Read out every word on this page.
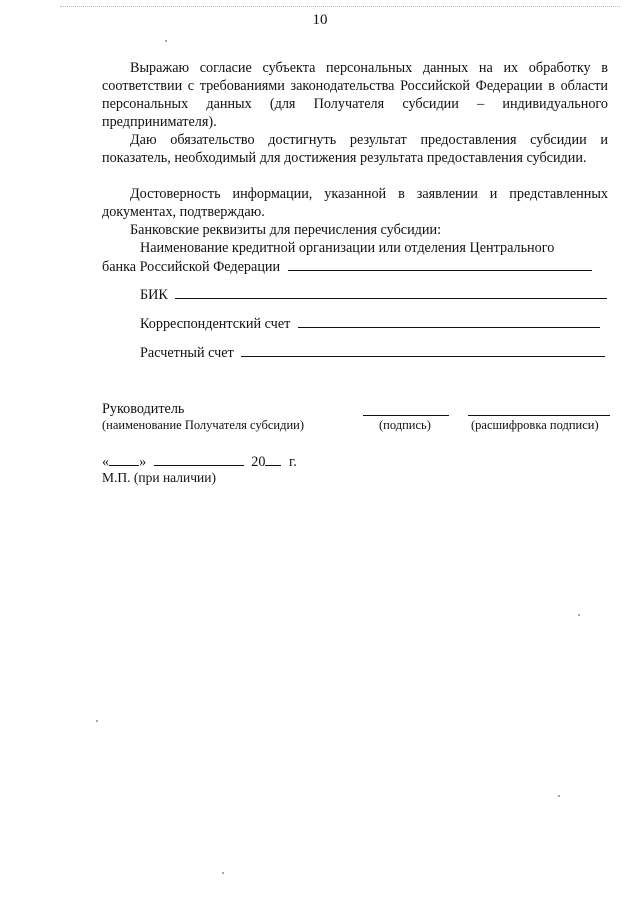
10

Выражаю согласие субъекта персональных данных на их обработку в соответствии с требованиями законодательства Российской Федерации в области персональных данных (для Получателя субсидии – индивидуального предпринимателя).

Даю обязательство достигнуть результат предоставления субсидии и показатель, необходимый для достижения результата предоставления субсидии.

Достоверность информации, указанной в заявлении и представленных документах, подтверждаю.

Банковские реквизиты для перечисления субсидии:

Наименование кредитной организации или отделения Центрального
банка Российской Федерации
БИК
Корреспондентский счет
Расчетный счет
Руководитель
(наименование Получателя субсидии)	(подпись)	(расшифровка подписи)
« »	20 г.
М.П. (при наличии)
